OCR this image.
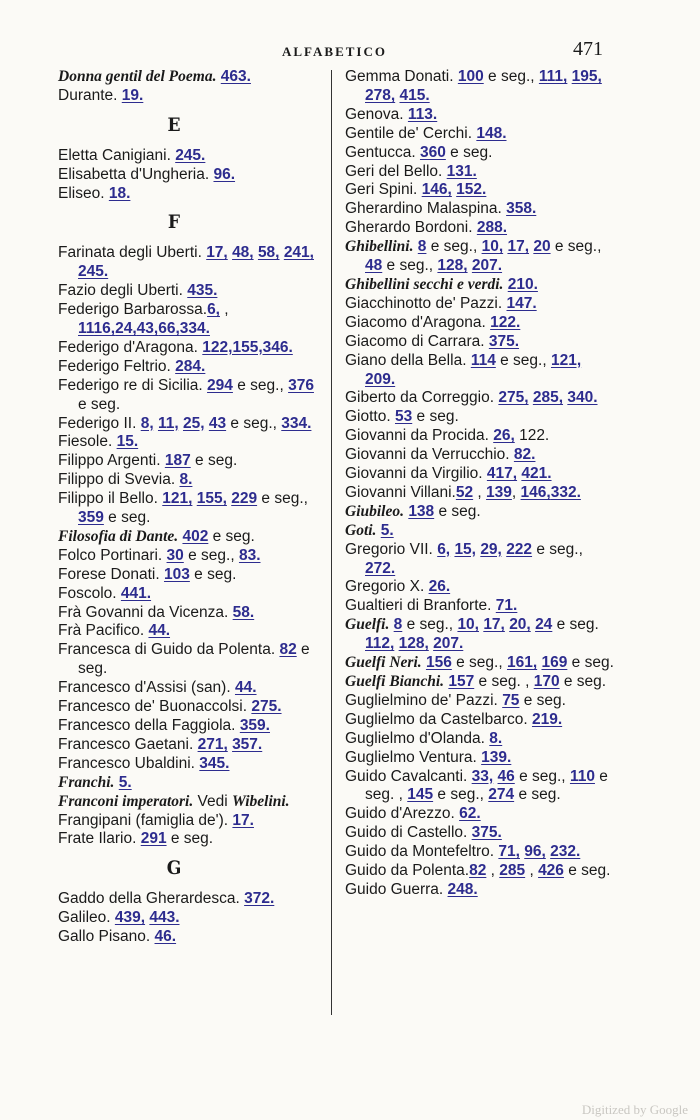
ALFABETICO	471
Donna gentil del Poema. 463.
Durante. 19.
E
Eletta Canigiani. 245.
Elisabetta d'Ungheria. 96.
Eliseo. 18.
F
Farinata degli Uberti. 17, 48, 58, 241, 245.
Fazio degli Uberti. 435.
Federigo Barbarossa.6, , 1116,24,43,66,334.
Federigo d'Aragona. 122,155,346.
Federigo Feltrio. 284.
Federigo re di Sicilia. 294 e seg., 376 e seg.
Federigo II. 8, 11, 25, 43 e seg., 334.
Fiesole. 15.
Filippo Argenti. 187 e seg.
Filippo di Svevia. 8.
Filippo il Bello. 121, 155, 229 e seg., 359 e seg.
Filosofia di Dante. 402 e seg.
Folco Portinari. 30 e seg., 83.
Forese Donati. 103 e seg.
Foscolo. 441.
Frà Govanni da Vicenza. 58.
Frà Pacifico. 44.
Francesca di Guido da Polenta. 82 e seg.
Francesco d'Assisi (san). 44.
Francesco de' Buonaccolsi. 275.
Francesco della Faggiola. 359.
Francesco Gaetani. 271, 357.
Francesco Ubaldini. 345.
Franchi. 5.
Franconi imperatori. Vedi Wibelini.
Frangipani (famiglia de'). 17.
Frate Ilario. 291 e seg.
G
Gaddo della Gherardesca. 372.
Galileo. 439, 443.
Gallo Pisano. 46.
Gemma Donati. 100 e seg., 111, 195, 278, 415.
Genova. 113.
Gentile de' Cerchi. 148.
Gentucca. 360 e seg.
Geri del Bello. 131.
Geri Spini. 146, 152.
Gherardino Malaspina. 358.
Gherardo Bordoni. 288.
Ghibellini. 8 e seg., 10, 17, 20 e seg., 48 e seg., 128, 207.
Ghibellini secchi e verdi. 210.
Giacchinotto de' Pazzi. 147.
Giacomo d'Aragona. 122.
Giacomo di Carrara. 375.
Giano della Bella. 114 e seg., 121, 209.
Giberto da Correggio. 275, 285, 340.
Giotto. 53 e seg.
Giovanni da Procida. 26, 122.
Giovanni da Verrucchio. 82.
Giovanni da Virgilio. 417, 421.
Giovanni Villani.52 , 139, 146,332.
Giubileo. 138 e seg.
Goti. 5.
Gregorio VII. 6, 15, 29, 222 e seg., 272.
Gregorio X. 26.
Gualtieri di Branforte. 71.
Guelfi. 8 e seg., 10, 17, 20, 24 e seg. 112, 128, 207.
Guelfi Neri. 156 e seg., 161, 169 e seg.
Guelfi Bianchi. 157 e seg. , 170 e seg.
Guglielmino de' Pazzi. 75 e seg.
Guglielmo da Castelbarco. 219.
Guglielmo d'Olanda. 8.
Guglielmo Ventura. 139.
Guido Cavalcanti. 33, 46 e seg., 110 e seg. , 145 e seg., 274 e seg.
Guido d'Arezzo. 62.
Guido di Castello. 375.
Guido da Montefeltro. 71, 96, 232.
Guido da Polenta.82 , 285 , 426 e seg.
Guido Guerra. 248.
Digitized by Google
